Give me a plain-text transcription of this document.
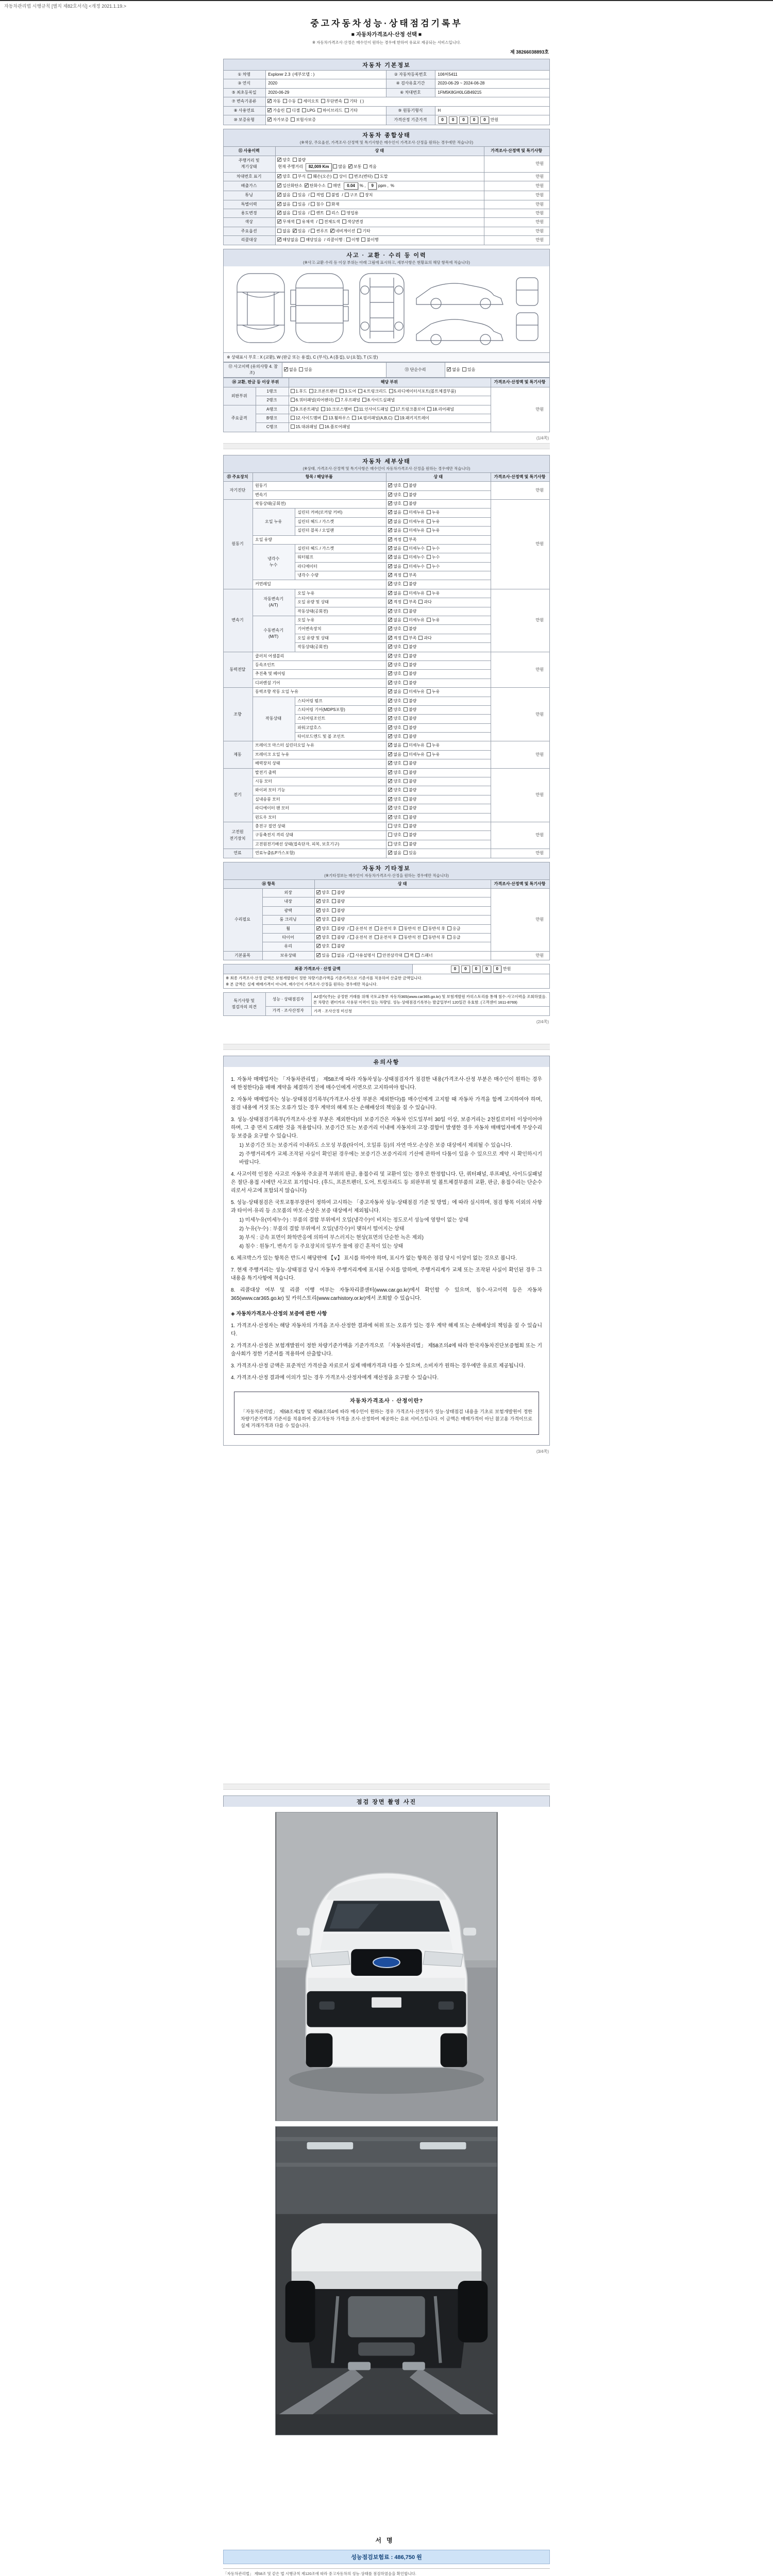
자동차관리법 시행규칙 [별지 제82호서식] <개정 2021.1.19.>
중고자동차성능·상태점검기록부
■ 자동차가격조사·산정 선택 ■
※ 자동차가격조사·산정은 매수인이 원하는 경우에 한하여 유료로 제공되는 서비스입니다.
제 38266038893호
자동차 기본정보
① 차명	Explorer 2.3 (세부모델 : )	② 자동차등록번호	106허5411
③ 연식	2020	④ 검사유효기간	2020-06-29 ~ 2024-06-28
⑤ 최초등록일	2020-06-29	⑥ 차대번호	1FM5K8GH0LGB49215
⑦ 변속기종류	✓자동 수동 세미오토 무단변속 기타 ( )
⑧ 사용연료	✓가솔린 디젤 LPG 하이브리드 기타	⑨ 원동기형식	H
⑩ 보증유형	✓자가보증 보험사보증	가격산정 기준가격	0 0 0 0 0 만원
자동차 종합상태
(※색상, 주요옵션, 가격조사·산정액 및 특기사항은 매수인이 가격조사·산정을 원하는 경우에만 적습니다)
⑪ 사용이력	상 태	가격조사·산정액 및 특기사항
주행거리 및
계기상태	✓양호 불량
현재 주행거리 82,009 Km 많음 ✓ 보통 적음	만원
차대번호 표기	✓양호 부식 훼손(오손) 상이 변조(변타) 도말	만원
배출가스	✓일산화탄소 ✓ 탄화수소 매연 0.04 % , 9 ppm , %	만원
튜닝	✓없음 있음 / 적법 불법 / 구조 장치	만원
특별이력	✓없음 있음 / 침수 화재	만원
용도변경	✓없음 있음 / 렌트 리스 영업용	만원
색상	✓무채색 유채색 / 전체도색 색상변경	만원
주요옵션	없음 ✓ 있음 / 썬루프 ✓ 네비게이션 기타	만원
리콜대상	✓해당없음 해당있음 / 리콜이행 : 이행 불이행	만원
사고 · 교환 · 수리 등 이력
(※사고·교환·수리 등 이상 부위는 아래 그림에 표시하고, 세부사항은 현황표의 해당 항목에 적습니다)
※ 상태표시 부호 : X (교환), W (판금 또는 용접), C (부식), A (흠집), U (요철), T (도장)
⑫ 사고이력 (유의사항 4. 참조)	✓없음 있음	⑬ 단순수리	✓없음 있음
⑭ 교환, 판금 등 이상 부위		해당 부위	가격조사·산정액 및 특기사항
외판부위	1랭크	1.후드 2.프론트펜더 3.도어 4.트렁크리드 5.라디에이터서포트(볼트체결부품)	만원
	2랭크	6.쿼터패널(리어펜더) 7.루프패널 8.사이드실패널	
주요골격	A랭크	9.프론트패널 10.크로스멤버 11.인사이드패널 17.트렁크플로어 18.리어패널	
	B랭크	12.사이드멤버 13.휠하우스 14.필러패널(A,B,C) 19.패키지트레이	
	C랭크	15.대쉬패널 16.플로어패널	
(1/4쪽)
자동차 세부상태
(※상태, 가격조사·산정액 및 특기사항은 매수인이 자동차가격조사·산정을 원하는 경우에만 적습니다)
⑮ 주요장치	항목 / 해당부품		상 태	가격조사·산정액 및 특기사항
자기진단	원동기	✓양호 불량	만원
	변속기	✓양호 불량
원동기	작동상태(공회전)	✓양호 불량	만원
	오일 누유	실린더 커버(로커암 커버)	✓없음 미세누유 누유
		실린더 헤드 / 가스켓	✓없음 미세누유 누유
		실린더 블록 / 오일팬	✓없음 미세누유 누유
	오일 유량	✓적정 부족
	냉각수
누수	실린더 헤드 / 가스켓	✓없음 미세누수 누수
		워터펌프	✓없음 미세누수 누수
		라디에이터	✓없음 미세누수 누수
		냉각수 수량	✓적정 부족
	커먼레일	✓양호 불량
변속기	자동변속기
(A/T)	오일 누유	✓없음 미세누유 누유	만원
		오일 유량 및 상태	✓적정 부족 과다
		작동상태(공회전)	✓양호 불량
	수동변속기
(M/T)	오일 누유	✓없음 미세누유 누유
		기어변속장치	✓양호 불량
		오일 유량 및 상태	✓적정 부족 과다
		작동상태(공회전)	✓양호 불량
동력전달	클러치 어셈블리	✓양호 불량	만원
	등속조인트	✓양호 불량
	추진축 및 베어링	✓양호 불량
	디퍼렌셜 기어	✓양호 불량
조향	동력조향 작동 오일 누유	✓없음 미세누유 누유	만원
	작동상태	스티어링 펌프	✓양호 불량
		스티어링 기어(MDPS포함)	✓양호 불량
		스티어링조인트	✓양호 불량
		파워고압호스	✓양호 불량
		타이로드엔드 및 볼 조인트	✓양호 불량
제동	브레이크 마스터 실린더오일 누유	✓없음 미세누유 누유	만원
	브레이크 오일 누유	✓없음 미세누유 누유
	배력장치 상태	✓양호 불량
전기	발전기 출력	✓양호 불량	만원
	시동 모터	✓양호 불량
	와이퍼 모터 기능	✓양호 불량
	실내송풍 모터	✓양호 불량
	라디에이터 팬 모터	✓양호 불량
	윈도우 모터	✓양호 불량
고전원
전기장치	충전구 절연 상태		양호 불량	만원
	구동축전지 격리 상태		양호 불량	
	고전원전기배선 상태(접속단자, 피복, 보호기구)		양호 불량	
연료	연료누출(LP가스포함)	✓없음 있음	만원
자동차 기타정보
(※기타정보는 매수인이 자동차가격조사·산정을 원하는 경우에만 적습니다)
⑯ 항목		상 태	가격조사·산정액 및 특기사항
수리필요	외장	✓양호 불량	만원
	내장	✓양호 불량
	광택	✓양호 불량
	룸 크리닝	✓양호 불량
	휠	✓양호 불량 / 운전석 전 운전석 후 동반석 전 동반석 후 응급
	타이어	✓양호 불량 / 운전석 전 운전석 후 동반석 전 동반석 후 응급
	유리	✓양호 불량
기본품목	보유상태	✓있음 없음 / 사용설명서 안전삼각대 잭 스패너	만원
최종 가격조사 · 산정 금액	0 0 0 0 0 만원
※ 최종 가격조사·산정 금액은 보험개발원이 정한 차량기준가액을 기준가격으로 기준서를 적용하여 산출한 금액입니다.
※ 본 금액은 실제 매매가격이 아니며, 매수인이 가격조사·산정을 원하는 경우에만 적습니다.
특기사항 및
점검자의 의견	성능 · 상태점검자	AJ셀카(주)는 공정한 거래를 위해 국토교통부 자동차365(www.car365.go.kr) 및 보험개발원 카히스토리를 통해 침수·사고이력을 조회하였음. 본 차량은 렌터카로 사용된 이력이 있는 차량임. 성능·상태점검기록부는 발급일부터 120일간 유효함. (고객센터 1611-8769)
	가격 · 조사산정자	가격 · 조사산정 미신청
(2/4쪽)
유의사항

1. 자동차 매매업자는 「자동차관리법」 제58조에 따라 자동차성능·상태점검자가 점검한 내용(가격조사·산정 부분은 매수인이 원하는 경우에 한정한다)을 매매 계약을 체결하기 전에 매수인에게 서면으로 고지하여야 합니다.

2. 자동차 매매업자는 성능·상태점검기록부(가격조사·산정 부분은 제외한다)를 매수인에게 고지할 때 자동차 가격을 함께 고지하여야 하며, 점검 내용에 거짓 또는 오류가 있는 경우 계약의 해제 또는 손해배상의 책임을 질 수 있습니다.

3. 성능·상태점검기록부(가격조사·산정 부분은 제외한다)의 보증기간은 자동차 인도일부터 30일 이상, 보증거리는 2천킬로미터 이상이어야 하며, 그 중 먼저 도래한 것을 적용합니다. 보증기간 또는 보증거리 이내에 자동차의 고장·결함이 발생한 경우 자동차 매매업자에게 무상수리 등 보증을 요구할 수 있습니다.

1) 보증기간 또는 보증거리 이내라도 소모성 부품(타이어, 오일류 등)의 자연 마모·손상은 보증 대상에서 제외될 수 있습니다.

2) 주행거리계가 교체·조작된 사실이 확인된 경우에는 보증기간·보증거리의 기산에 관하여 다툼이 있을 수 있으므로 계약 시 확인하시기 바랍니다.

4. 사고이력 인정은 사고로 자동차 주요골격 부위의 판금, 용접수리 및 교환이 있는 경우로 한정합니다. 단, 쿼터패널, 루프패널, 사이드실패널은 절단·용접 시에만 사고로 표기합니다. (후드, 프론트펜더, 도어, 트렁크리드 등 외판부위 및 볼트체결부품의 교환, 판금, 용접수리는 단순수리로서 사고에 포함되지 않습니다)

5. 성능·상태점검은 국토교통부장관이 정하여 고시하는 「중고자동차 성능·상태점검 기준 및 방법」에 따라 실시하며, 점검 항목 이외의 사항과 타이어·유리 등 소모품의 마모·손상은 보증 대상에서 제외됩니다.

1) 미세누유(미세누수) : 부품의 결합 부위에서 오일(냉각수)이 비치는 정도로서 성능에 영향이 없는 상태

2) 누유(누수) : 부품의 결합 부위에서 오일(냉각수)이 맺혀서 떨어지는 상태

3) 부식 : 금속 표면이 화학반응에 의하여 부스러지는 현상(표면의 단순한 녹은 제외)

4) 침수 : 원동기, 변속기 등 주요장치의 일부가 물에 잠긴 흔적이 있는 상태

6. 체크박스가 있는 항목은 반드시 해당란에 【∨】 표시를 하여야 하며, 표시가 없는 항목은 점검 당시 이상이 없는 것으로 봅니다.

7. 현재 주행거리는 성능·상태점검 당시 자동차 주행거리계에 표시된 수치를 말하며, 주행거리계가 교체 또는 조작된 사실이 확인된 경우 그 내용을 특기사항에 적습니다.

8. 리콜대상 여부 및 리콜 이행 여부는 자동차리콜센터(www.car.go.kr)에서 확인할 수 있으며, 침수·사고이력 등은 자동차365(www.car365.go.kr) 및 카히스토리(www.carhistory.or.kr)에서 조회할 수 있습니다.

◈ 자동차가격조사·산정의 보증에 관한 사항

1. 가격조사·산정자는 해당 자동차의 가격을 조사·산정한 결과에 허위 또는 오류가 있는 경우 계약 해제 또는 손해배상의 책임을 질 수 있습니다.

2. 가격조사·산정은 보험개발원이 정한 차량기준가액을 기준가격으로 「자동차관리법」 제58조의4에 따라 한국자동차진단보증협회 또는 기술사회가 정한 기준서를 적용하여 산출합니다.

3. 가격조사·산정 금액은 표준적인 가격산출 자료로서 실제 매매가격과 다를 수 있으며, 소비자가 원하는 경우에만 유료로 제공됩니다.

4. 가격조사·산정 결과에 이의가 있는 경우 가격조사·산정자에게 재산정을 요구할 수 있습니다.

자동차가격조사 · 산정이란?

「자동차관리법」 제58조제1항 및 제58조의4에 따라 매수인이 원하는 경우 가격조사·산정자가 성능·상태점검 내용을 기초로 보험개발원이 정한 차량기준가액과 기준서를 적용하여 중고자동차 가격을 조사·산정하여 제공하는 유료 서비스입니다. 이 금액은 매매가격이 아닌 참고용 가격이므로 실제 거래가격과 다를 수 있습니다.

(3/4쪽)
점검 장면 촬영 사진
서명
성능점검보험료 : 486,750 원
「자동차관리법」 제58조 및 같은 법 시행규칙 제120조에 따라 중고자동차의 성능·상태를 점검하였음을 확인합니다.
